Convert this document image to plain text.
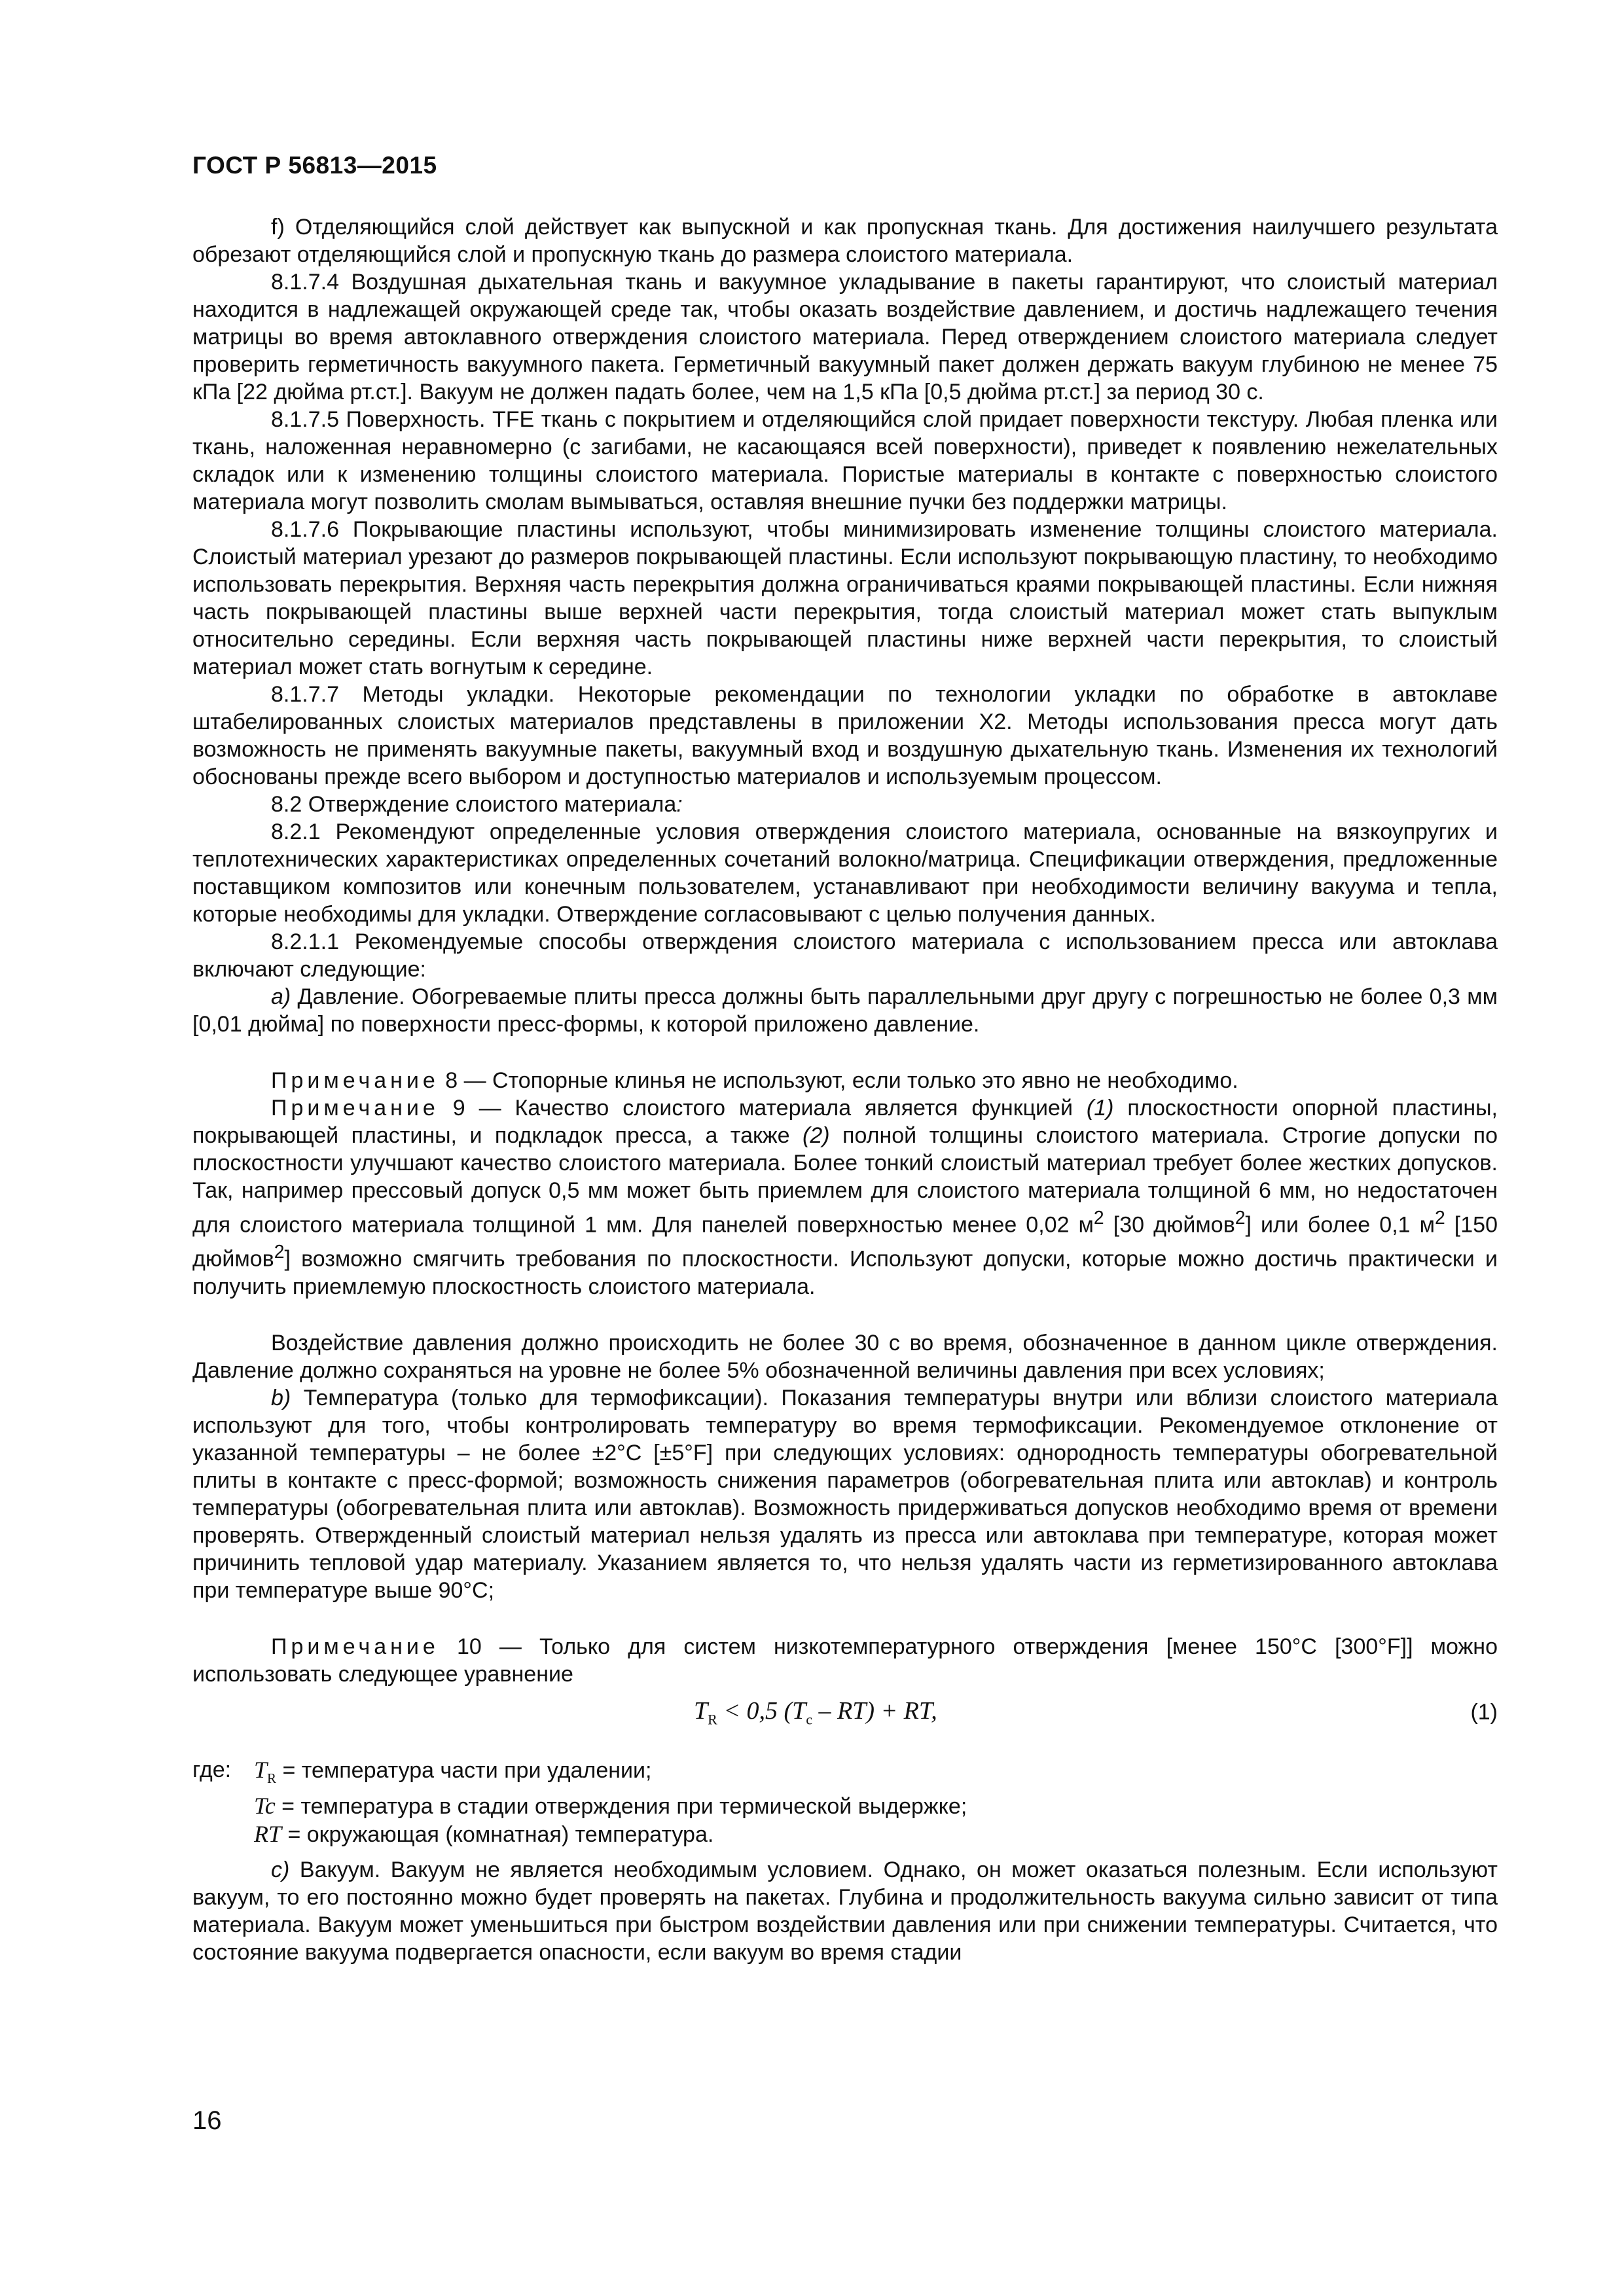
ГОСТ Р 56813—2015

f) Отделяющийся слой действует как выпускной и как пропускная ткань. Для достижения наилучшего результата обрезают отделяющийся слой и пропускную ткань до размера слоистого материала.

8.1.7.4 Воздушная дыхательная ткань и вакуумное укладывание в пакеты гарантируют, что слоистый материал находится в надлежащей окружающей среде так, чтобы оказать воздействие давлением, и достичь надлежащего течения матрицы во время автоклавного отверждения слоистого материала. Перед отверждением слоистого материала следует проверить герметичность вакуумного пакета. Герметичный вакуумный пакет должен держать вакуум глубиною не менее 75 кПа [22 дюйма рт.ст.]. Вакуум не должен падать более, чем на 1,5 кПа [0,5 дюйма рт.ст.] за период 30 с.

8.1.7.5 Поверхность. TFE ткань с покрытием и отделяющийся слой придает поверхности текстуру. Любая пленка или ткань, наложенная неравномерно (с загибами, не касающаяся всей поверхности), приведет к появлению нежелательных складок или к изменению толщины слоистого материала. Пористые материалы в контакте с поверхностью слоистого материала могут позволить смолам вымываться, оставляя внешние пучки без поддержки матрицы.

8.1.7.6 Покрывающие пластины используют, чтобы минимизировать изменение толщины слоистого материала. Слоистый материал урезают до размеров покрывающей пластины. Если используют покрывающую пластину, то необходимо использовать перекрытия. Верхняя часть перекрытия должна ограничиваться краями покрывающей пластины. Если нижняя часть покрывающей пластины выше верхней части перекрытия, тогда слоистый материал может стать выпуклым относительно середины. Если верхняя часть покрывающей пластины ниже верхней части перекрытия, то слоистый материал может стать вогнутым к середине.

8.1.7.7 Методы укладки. Некоторые рекомендации по технологии укладки по обработке в автоклаве штабелированных слоистых материалов представлены в приложении X2. Методы использования пресса могут дать возможность не применять вакуумные пакеты, вакуумный вход и воздушную дыхательную ткань. Изменения их технологий обоснованы прежде всего выбором и доступностью материалов и используемым процессом.

8.2 Отверждение слоистого материала:

8.2.1 Рекомендуют определенные условия отверждения слоистого материала, основанные на вязкоупругих и теплотехнических характеристиках определенных сочетаний волокно/матрица. Спецификации отверждения, предложенные поставщиком композитов или конечным пользователем, устанавливают при необходимости величину вакуума и тепла, которые необходимы для укладки. Отверждение согласовывают с целью получения данных.

8.2.1.1 Рекомендуемые способы отверждения слоистого материала с использованием пресса или автоклава включают следующие:

а) Давление. Обогреваемые плиты пресса должны быть параллельными друг другу с погрешностью не более 0,3 мм [0,01 дюйма] по поверхности пресс-формы, к которой приложено давление.

Примечание 8 — Стопорные клинья не используют, если только это явно не необходимо.

Примечание 9 — Качество слоистого материала является функцией (1) плоскостности опорной пластины, покрывающей пластины, и подкладок пресса, а также (2) полной толщины слоистого материала. Строгие допуски по плоскостности улучшают качество слоистого материала. Более тонкий слоистый материал требует более жестких допусков. Так, например прессовый допуск 0,5 мм может быть приемлем для слоистого материала толщиной 6 мм, но недостаточен для слоистого материала толщиной 1 мм. Для панелей поверхностью менее 0,02 $м^2$ [30 дюймов$^2$] или более 0,1 $м^2$ [150 дюймов$^2$] возможно смягчить требования по плоскостности. Используют допуски, которые можно достичь практически и получить приемлемую плоскостность слоистого материала.

Воздействие давления должно происходить не более 30 с во время, обозначенное в данном цикле отверждения. Давление должно сохраняться на уровне не более 5% обозначенной величины давления при всех условиях;

b) Температура (только для термофиксации). Показания температуры внутри или вблизи слоистого материала используют для того, чтобы контролировать температуру во время термофиксации. Рекомендуемое отклонение от указанной температуры – не более ±2°С [±5°F] при следующих условиях: однородность температуры обогревательной плиты в контакте с пресс-формой; возможность снижения параметров (обогревательная плита или автоклав) и контроль температуры (обогревательная плита или автоклав). Возможность придерживаться допусков необходимо время от времени проверять. Отвержденный слоистый материал нельзя удалять из пресса или автоклава при температуре, которая может причинить тепловой удар материалу. Указанием является то, что нельзя удалять части из герметизированного автоклава при температуре выше 90°С;

Примечание 10 — Только для систем низкотемпературного отверждения [менее 150°С [300°F]] можно использовать следующее уравнение

$T_R < 0,5$ $(T_c - RT)$ + RT,	(1)

где: $T_R$ = температура части при удалении;

Tc = температура в стадии отверждения при термической выдержке;

RT = окружающая (комнатная) температура.

с) Вакуум. Вакуум не является необходимым условием. Однако, он может оказаться полезным. Если используют вакуум, то его постоянно можно будет проверять на пакетах. Глубина и продолжительность вакуума сильно зависит от типа материала. Вакуум может уменьшиться при быстром воздействии давления или при снижении температуры. Считается, что состояние вакуума подвергается опасности, если вакуум во время стадии

16
